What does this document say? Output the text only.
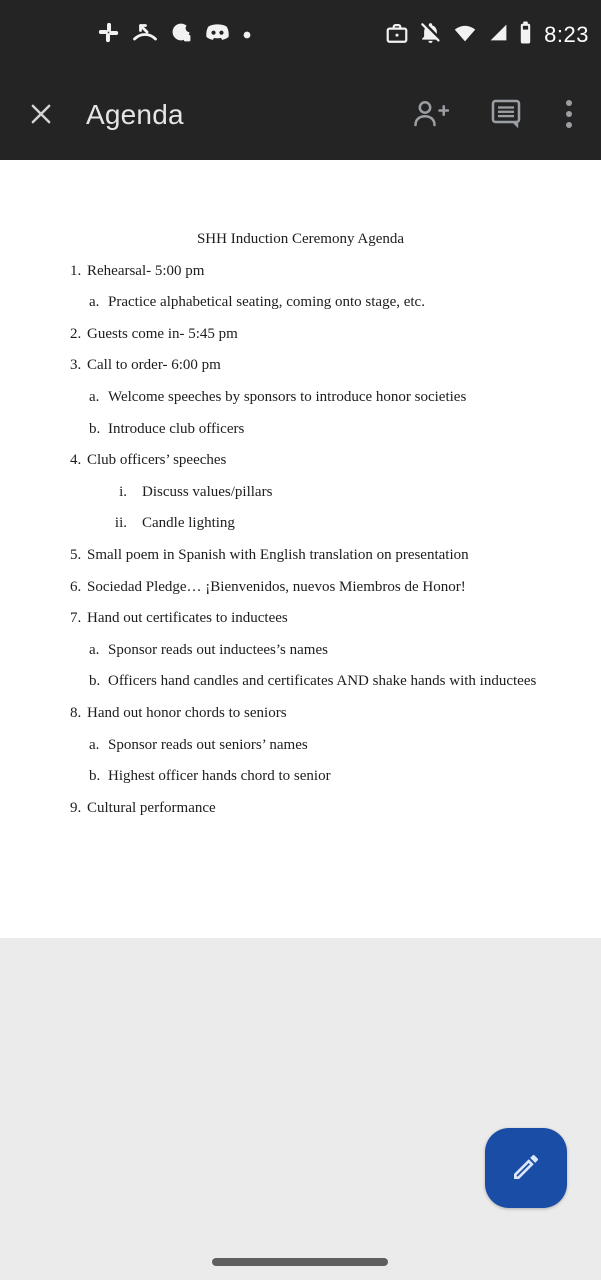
8:23
Agenda
SHH Induction Ceremony Agenda
1. Rehearsal- 5:00 pm
a. Practice alphabetical seating, coming onto stage, etc.
2. Guests come in- 5:45 pm
3. Call to order- 6:00 pm
a. Welcome speeches by sponsors to introduce honor societies
b. Introduce club officers
4. Club officers’ speeches
i. Discuss values/pillars
ii. Candle lighting
5. Small poem in Spanish with English translation on presentation
6. Sociedad Pledge… ¡Bienvenidos, nuevos Miembros de Honor!
7. Hand out certificates to inductees
a. Sponsor reads out inductees’s names
b. Officers hand candles and certificates AND shake hands with inductees
8. Hand out honor chords to seniors
a. Sponsor reads out seniors’ names
b. Highest officer hands chord to senior
9. Cultural performance
